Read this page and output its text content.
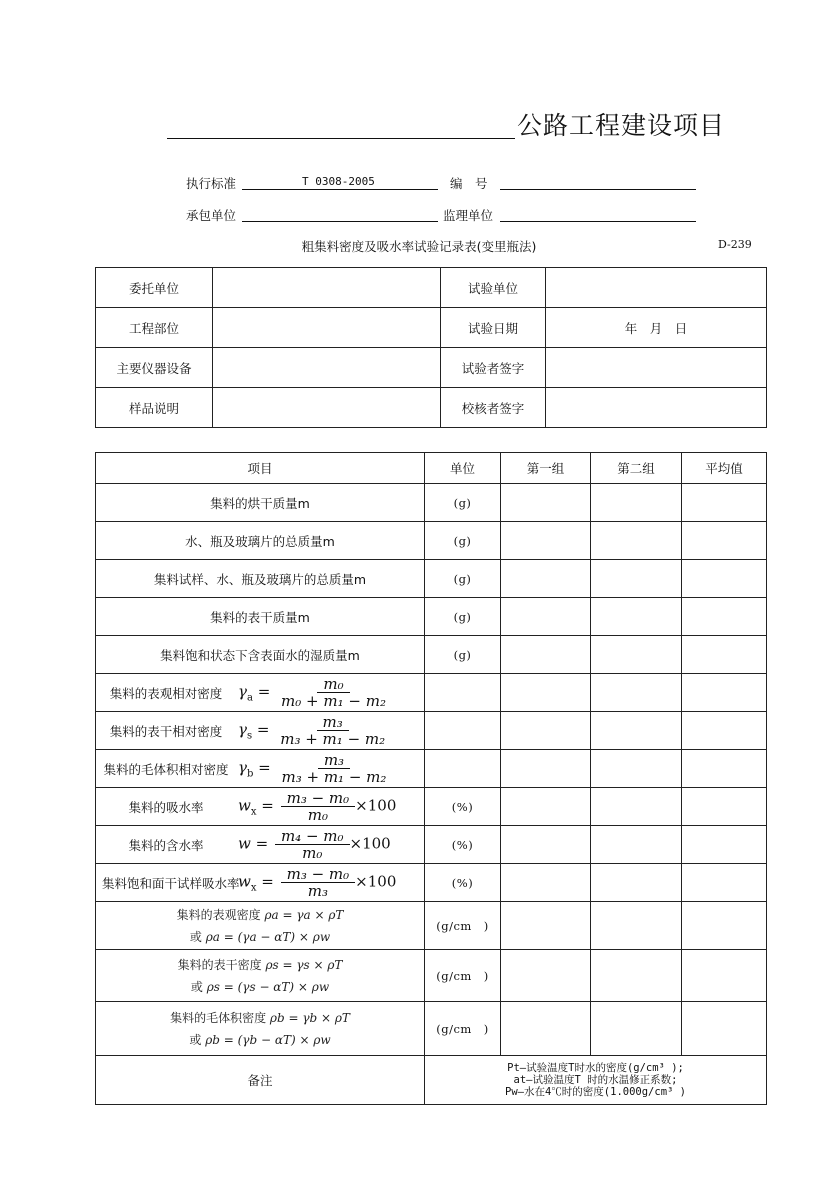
公路工程建设项目
执行标准	T 0308-2005	编　号
承包单位	监理单位
粗集料密度及吸水率试验记录表(变里瓶法)	D-239
委托单位		试验单位	
工程部位		试验日期	年　月　日
主要仪器设备		试验者签字	
样品说明		校核者签字	
项目	单位	第一组	第二组	平均值
集料的烘干质量m	(g)			
水、瓶及玻璃片的总质量m	(g)			
集料试样、水、瓶及玻璃片的总质量m	(g)			
集料的表干质量m	(g)			
集料饱和状态下含表面水的湿质量m	(g)			
集料的表观相对密度 $\gamma_a = \frac{\text{m₀}}{\text{m₀ + m₁ − m₂}}$

集料的表干相对密度 $\gamma_s = \frac{\text{m₃}}{\text{m₃ + m₁ − m₂}}$

集料的毛体积相对密度 $\gamma_b = \frac{\text{m₃}}{\text{m₃ + m₁ − m₂}}$

集料的吸水率 $w_x = \frac{\text{m₃ − m₀}}{\text{m₀}} \times 100$	(%)			
集料的含水率 $w = \frac{\text{m₄ − m₀}}{\text{m₀}} \times 100$	(%)			
集料饱和面干试样吸水率$w_x = \frac{\text{m₃ − m₀}}{\text{m₃}} \times 100$	(%)			

集料的表观密度 ρa = γa × ρT
或 ρa = (γa − αT) × ρw	(g/cm　)			

集料的表干密度 ρs = γs × ρT
或 ρs = (γs − αT) × ρw	(g/cm　)			

集料的毛体积密度 ρb = γb × ρT
或 ρb = (γb − αT) × ρw	(g/cm　)			
备注	Pt—试验温度T时水的密度(g/cm³ );
at—试验温度T 时的水温修正系数;
Pw—水在4℃时的密度(1.000g/cm³ )			
